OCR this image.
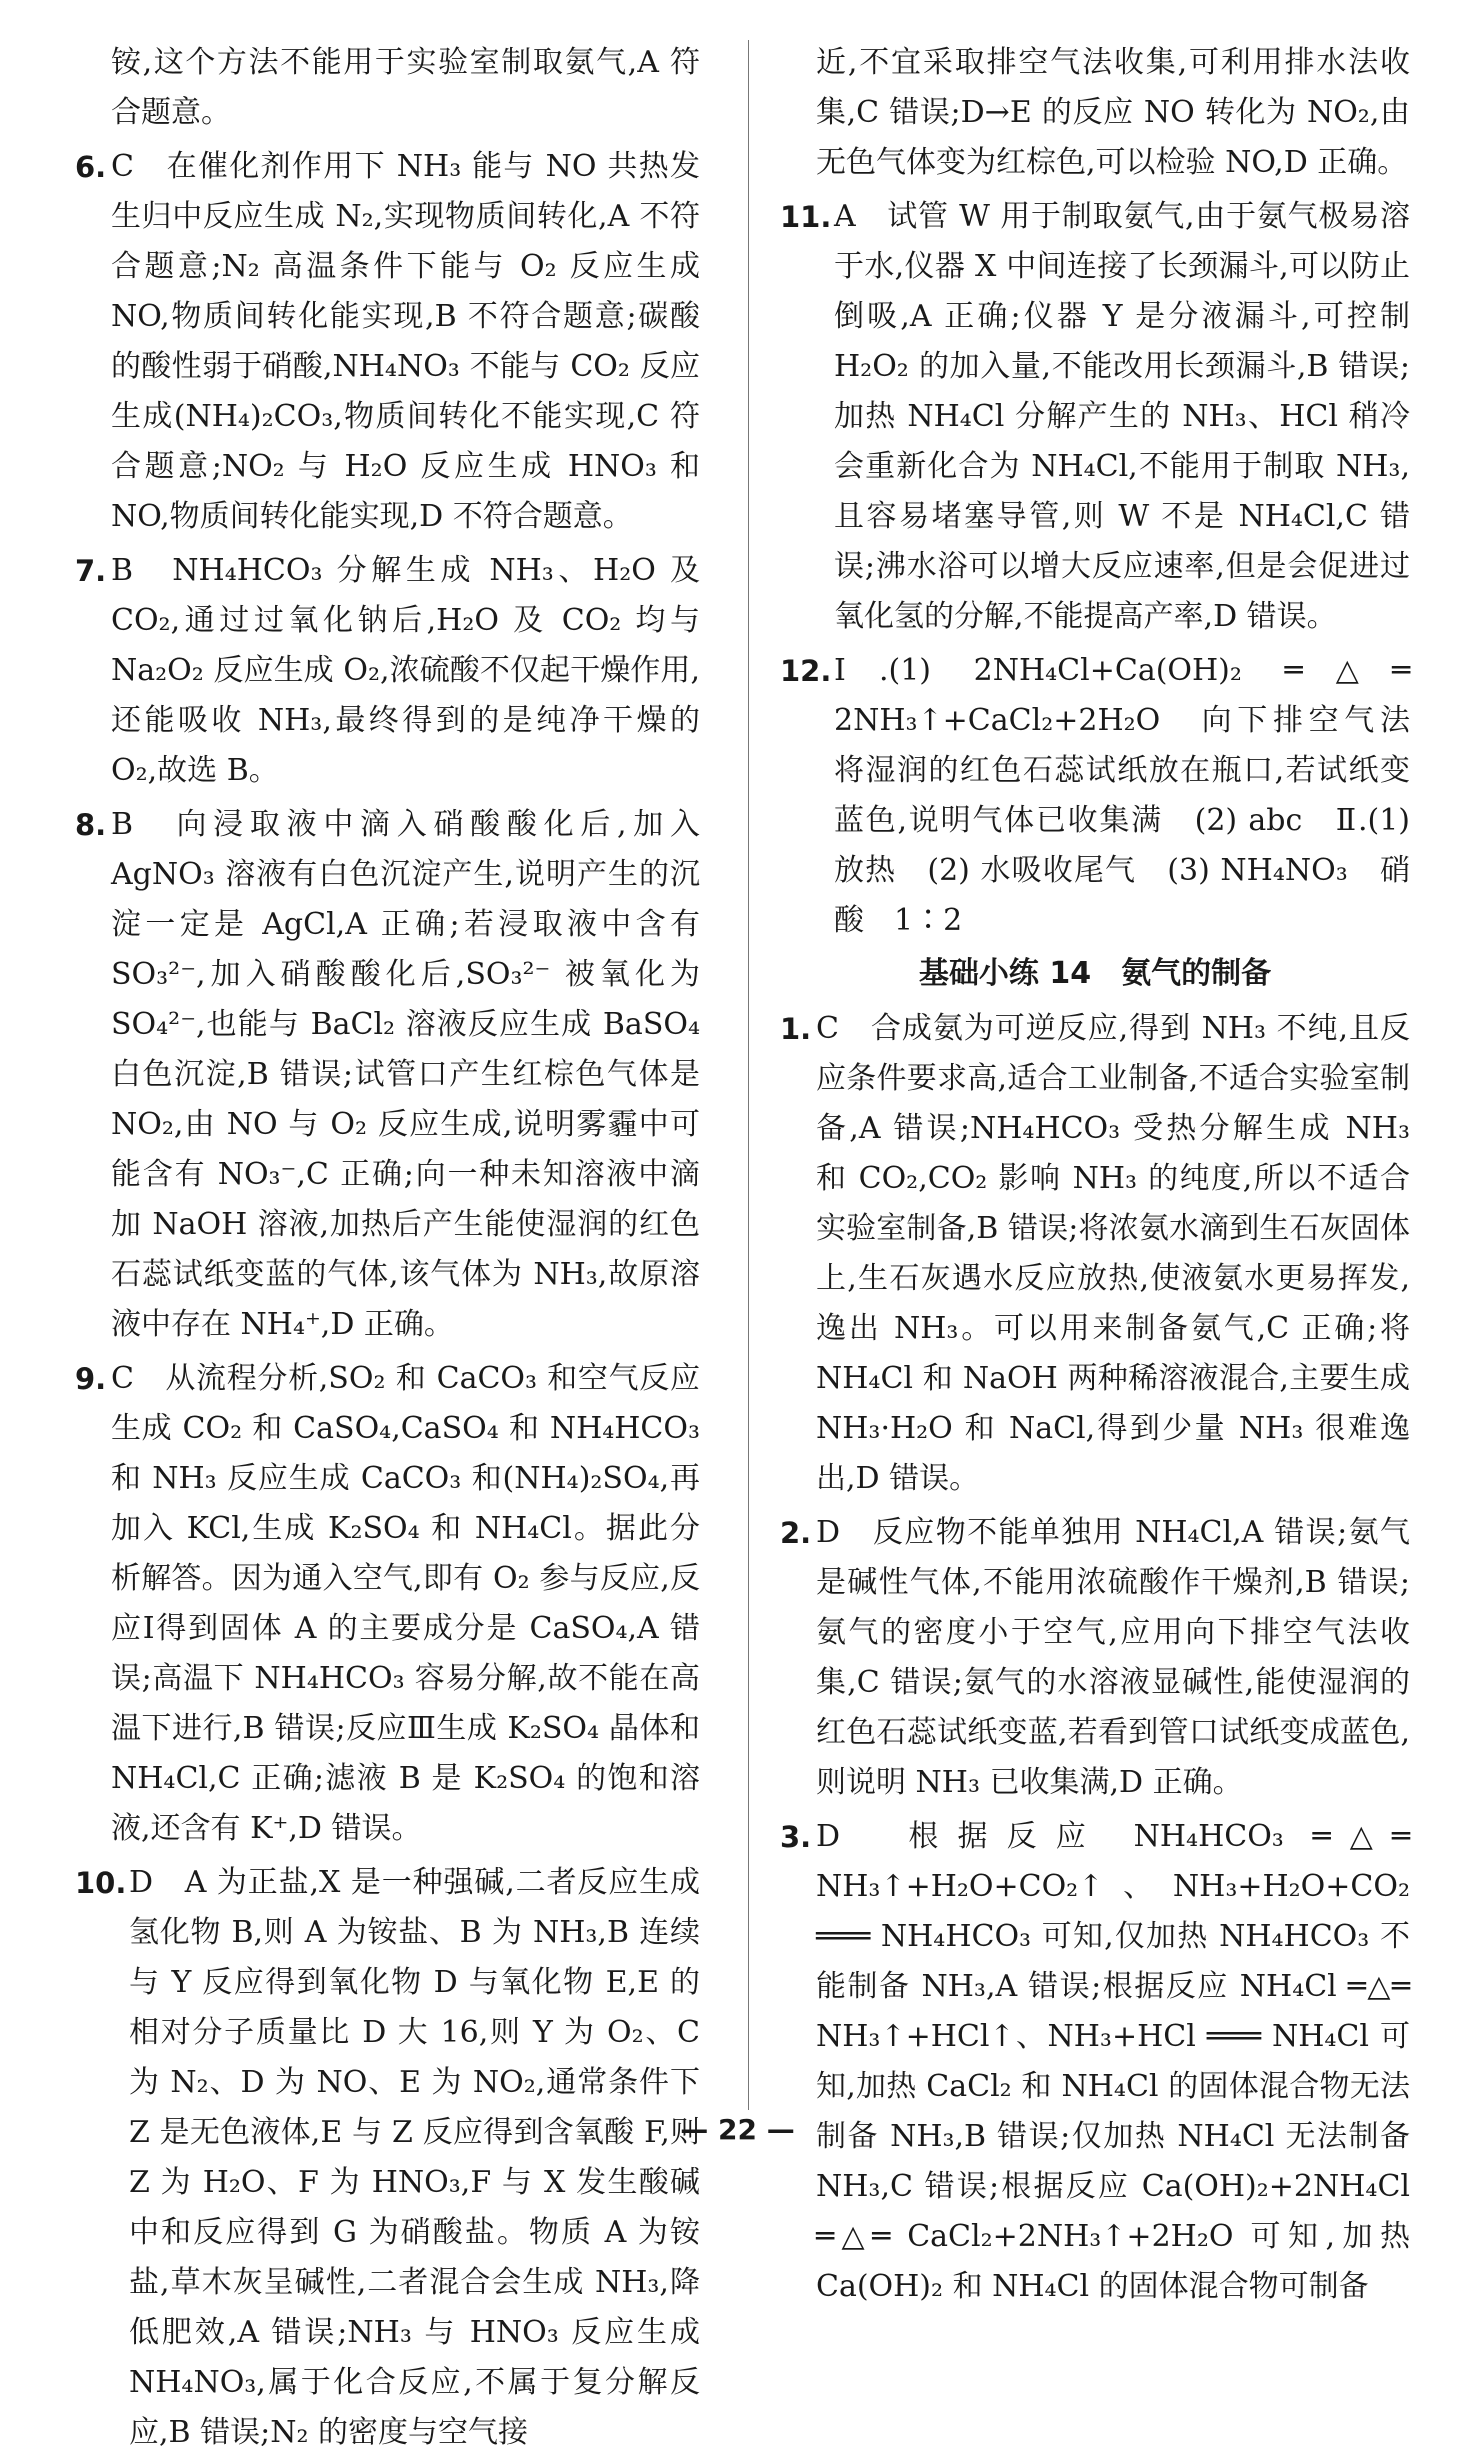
铵,这个方法不能用于实验室制取氨气,A 符合题意。
6. C　在催化剂作用下 NH₃ 能与 NO 共热发生归中反应生成 N₂,实现物质间转化,A 不符合题意;N₂ 高温条件下能与 O₂ 反应生成 NO,物质间转化能实现,B 不符合题意;碳酸的酸性弱于硝酸,NH₄NO₃ 不能与 CO₂ 反应生成(NH₄)₂CO₃,物质间转化不能实现,C 符合题意;NO₂ 与 H₂O 反应生成 HNO₃ 和 NO,物质间转化能实现,D 不符合题意。
7. B　NH₄HCO₃ 分解生成 NH₃、H₂O 及 CO₂,通过过氧化钠后,H₂O 及 CO₂ 均与 Na₂O₂ 反应生成 O₂,浓硫酸不仅起干燥作用,还能吸收 NH₃,最终得到的是纯净干燥的 O₂,故选 B。
8. B　向浸取液中滴入硝酸酸化后,加入 AgNO₃ 溶液有白色沉淀产生,说明产生的沉淀一定是 AgCl,A 正确;若浸取液中含有 SO₃²⁻,加入硝酸酸化后,SO₃²⁻ 被氧化为 SO₄²⁻,也能与 BaCl₂ 溶液反应生成 BaSO₄ 白色沉淀,B 错误;试管口产生红棕色气体是 NO₂,由 NO 与 O₂ 反应生成,说明雾霾中可能含有 NO₃⁻,C 正确;向一种未知溶液中滴加 NaOH 溶液,加热后产生能使湿润的红色石蕊试纸变蓝的气体,该气体为 NH₃,故原溶液中存在 NH₄⁺,D 正确。
9. C　从流程分析,SO₂ 和 CaCO₃ 和空气反应生成 CO₂ 和 CaSO₄,CaSO₄ 和 NH₄HCO₃ 和 NH₃ 反应生成 CaCO₃ 和(NH₄)₂SO₄,再加入 KCl,生成 K₂SO₄ 和 NH₄Cl。据此分析解答。因为通入空气,即有 O₂ 参与反应,反应Ⅰ得到固体 A 的主要成分是 CaSO₄,A 错误;高温下 NH₄HCO₃ 容易分解,故不能在高温下进行,B 错误;反应Ⅲ生成 K₂SO₄ 晶体和 NH₄Cl,C 正确;滤液 B 是 K₂SO₄ 的饱和溶液,还含有 K⁺,D 错误。
10. D　A 为正盐,X 是一种强碱,二者反应生成氢化物 B,则 A 为铵盐、B 为 NH₃,B 连续与 Y 反应得到氧化物 D 与氧化物 E,E 的相对分子质量比 D 大 16,则 Y 为 O₂、C 为 N₂、D 为 NO、E 为 NO₂,通常条件下 Z 是无色液体,E 与 Z 反应得到含氧酸 F,则 Z 为 H₂O、F 为 HNO₃,F 与 X 发生酸碱中和反应得到 G 为硝酸盐。物质 A 为铵盐,草木灰呈碱性,二者混合会生成 NH₃,降低肥效,A 错误;NH₃ 与 HNO₃ 反应生成 NH₄NO₃,属于化合反应,不属于复分解反应,B 错误;N₂ 的密度与空气接
近,不宜采取排空气法收集,可利用排水法收集,C 错误;D→E 的反应 NO 转化为 NO₂,由无色气体变为红棕色,可以检验 NO,D 正确。
11. A　试管 W 用于制取氨气,由于氨气极易溶于水,仪器 X 中间连接了长颈漏斗,可以防止倒吸,A 正确;仪器 Y 是分液漏斗,可控制 H₂O₂ 的加入量,不能改用长颈漏斗,B 错误;加热 NH₄Cl 分解产生的 NH₃、HCl 稍冷会重新化合为 NH₄Cl,不能用于制取 NH₃,且容易堵塞导管,则 W 不是 NH₄Cl,C 错误;沸水浴可以增大反应速率,但是会促进过氧化氢的分解,不能提高产率,D 错误。
12. Ⅰ.(1) 2NH₄Cl+Ca(OH)₂ ═△═ 2NH₃↑+CaCl₂+2H₂O　向下排空气法　将湿润的红色石蕊试纸放在瓶口,若试纸变蓝色,说明气体已收集满　(2) abc　Ⅱ.(1) 放热　(2) 水吸收尾气　(3) NH₄NO₃　硝酸　1∶2
基础小练 14　氨气的制备
1. C　合成氨为可逆反应,得到 NH₃ 不纯,且反应条件要求高,适合工业制备,不适合实验室制备,A 错误;NH₄HCO₃ 受热分解生成 NH₃ 和 CO₂,CO₂ 影响 NH₃ 的纯度,所以不适合实验室制备,B 错误;将浓氨水滴到生石灰固体上,生石灰遇水反应放热,使液氨水更易挥发,逸出 NH₃。可以用来制备氨气,C 正确;将 NH₄Cl 和 NaOH 两种稀溶液混合,主要生成 NH₃·H₂O 和 NaCl,得到少量 NH₃ 很难逸出,D 错误。
2. D　反应物不能单独用 NH₄Cl,A 错误;氨气是碱性气体,不能用浓硫酸作干燥剂,B 错误;氨气的密度小于空气,应用向下排空气法收集,C 错误;氨气的水溶液显碱性,能使湿润的红色石蕊试纸变蓝,若看到管口试纸变成蓝色,则说明 NH₃ 已收集满,D 正确。
3. D　根据反应 NH₄HCO₃ ═△═ NH₃↑+H₂O+CO₂↑、NH₃+H₂O+CO₂ ═══ NH₄HCO₃ 可知,仅加热 NH₄HCO₃ 不能制备 NH₃,A 错误;根据反应 NH₄Cl ═△═ NH₃↑+HCl↑、NH₃+HCl ═══ NH₄Cl 可知,加热 CaCl₂ 和 NH₄Cl 的固体混合物无法制备 NH₃,B 错误;仅加热 NH₄Cl 无法制备 NH₃,C 错误;根据反应 Ca(OH)₂+2NH₄Cl ═△═ CaCl₂+2NH₃↑+2H₂O 可知,加热 Ca(OH)₂ 和 NH₄Cl 的固体混合物可制备
— 22 —
